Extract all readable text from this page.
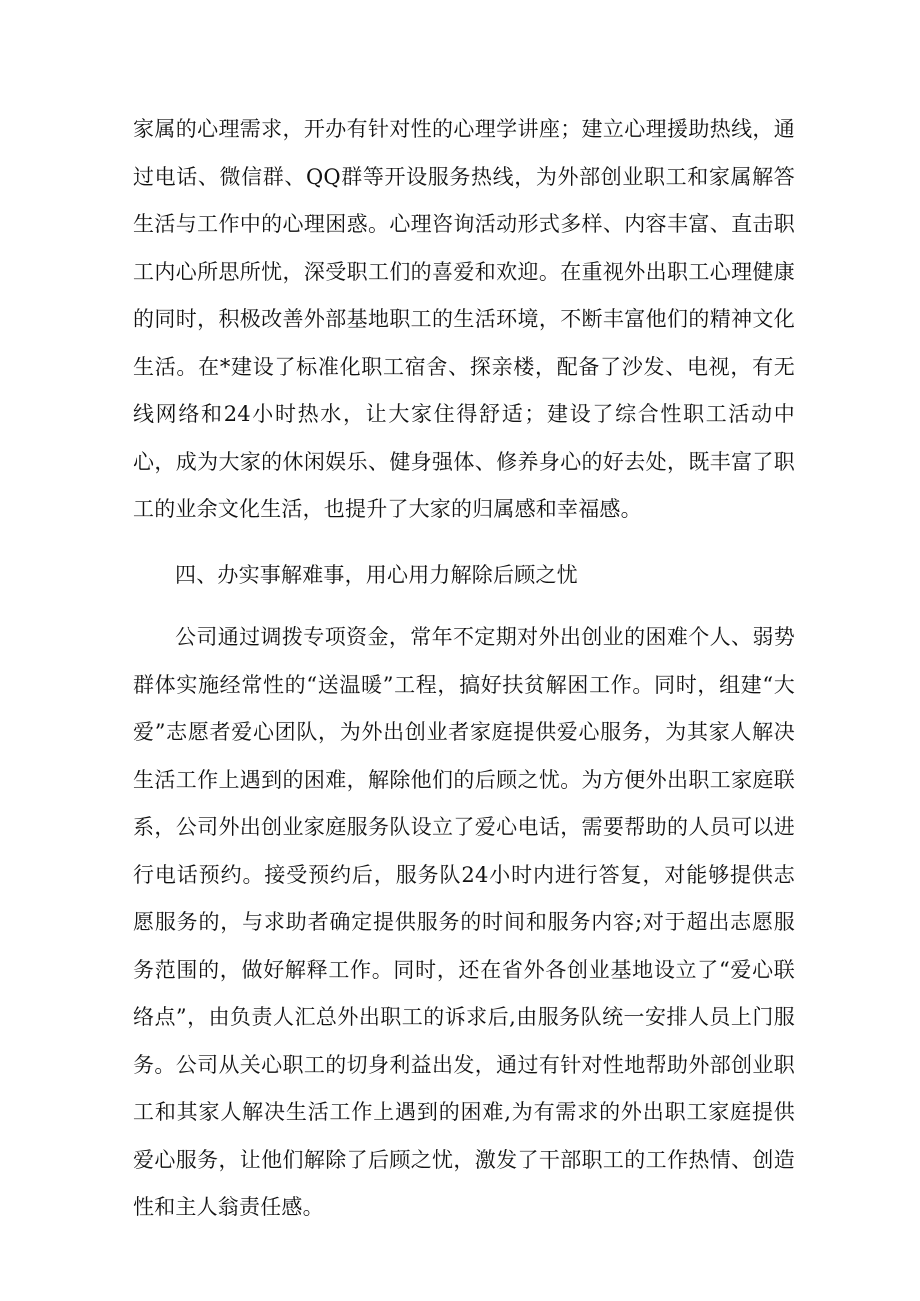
家属的心理需求，开办有针对性的心理学讲座；建立心理援助热线，通过电话、微信群、QQ群等开设服务热线，为外部创业职工和家属解答生活与工作中的心理困惑。心理咨询活动形式多样、内容丰富、直击职工内心所思所忧，深受职工们的喜爱和欢迎。在重视外出职工心理健康的同时，积极改善外部基地职工的生活环境，不断丰富他们的精神文化生活。在*建设了标准化职工宿舍、探亲楼，配备了沙发、电视，有无线网络和24小时热水，让大家住得舒适；建设了综合性职工活动中心，成为大家的休闲娱乐、健身强体、修养身心的好去处，既丰富了职工的业余文化生活，也提升了大家的归属感和幸福感。

四、办实事解难事，用心用力解除后顾之忧

公司通过调拨专项资金，常年不定期对外出创业的困难个人、弱势群体实施经常性的“送温暖”工程，搞好扶贫解困工作。同时，组建“大爱”志愿者爱心团队，为外出创业者家庭提供爱心服务，为其家人解决生活工作上遇到的困难，解除他们的后顾之忧。为方便外出职工家庭联系，公司外出创业家庭服务队设立了爱心电话，需要帮助的人员可以进行电话预约。接受预约后，服务队24小时内进行答复，对能够提供志愿服务的，与求助者确定提供服务的时间和服务内容;对于超出志愿服务范围的，做好解释工作。同时，还在省外各创业基地设立了“爱心联络点”，由负责人汇总外出职工的诉求后,由服务队统一安排人员上门服务。公司从关心职工的切身利益出发，通过有针对性地帮助外部创业职工和其家人解决生活工作上遇到的困难,为有需求的外出职工家庭提供爱心服务，让他们解除了后顾之忧，激发了干部职工的工作热情、创造性和主人翁责任感。
